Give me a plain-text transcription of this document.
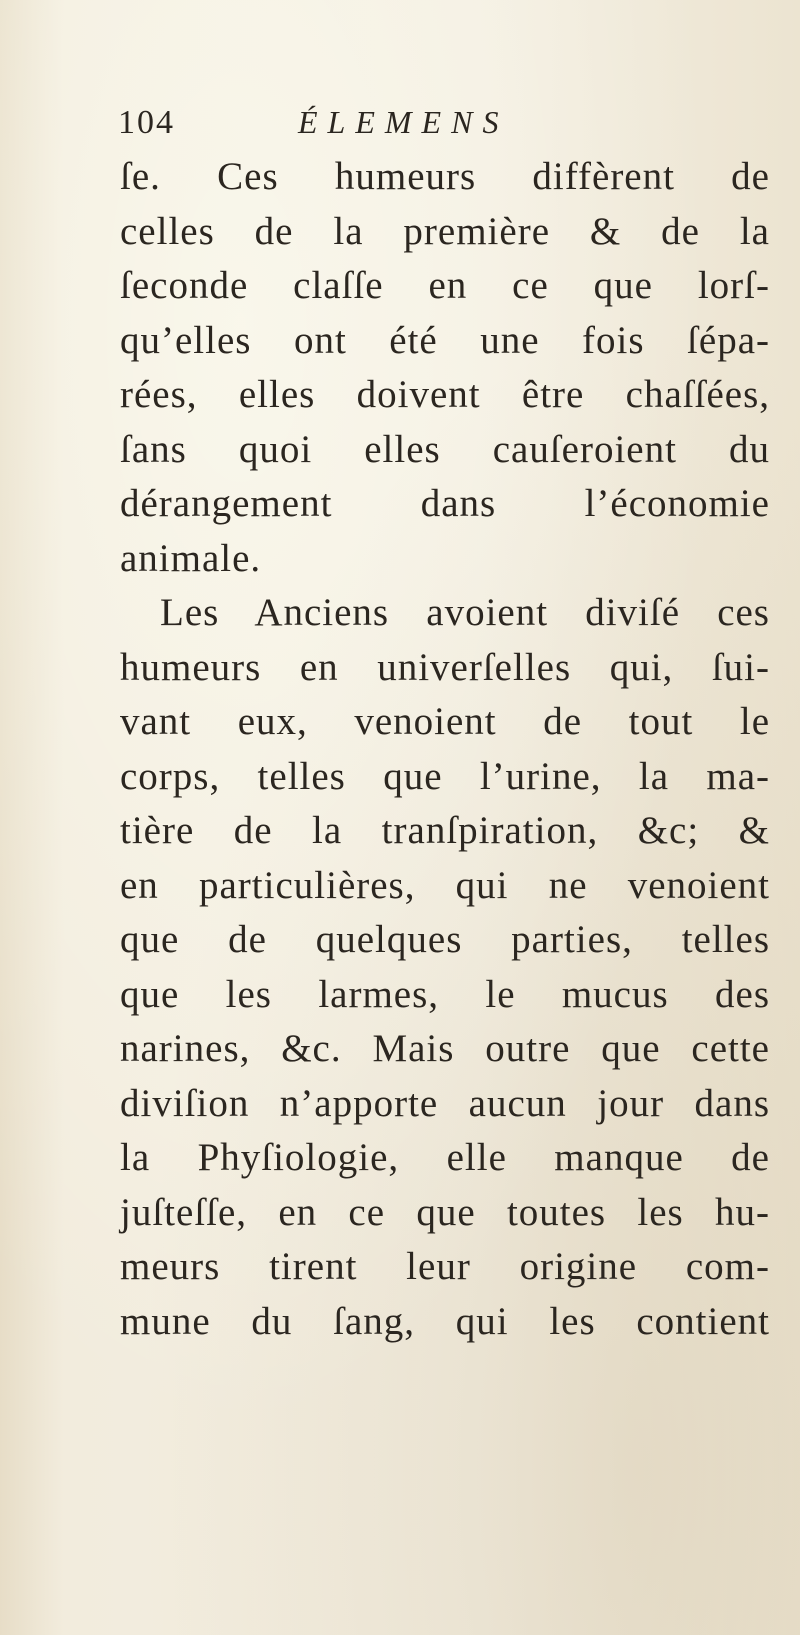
104	ÉLEMENS
ſe. Ces humeurs diffèrent de
celles de la première & de la
ſeconde claſſe en ce que lorſ-
qu’elles ont été une fois ſépa-
rées, elles doivent être chaſſées,
ſans quoi elles cauſeroient du
dérangement dans l’économie
animale.
Les Anciens avoient diviſé ces
humeurs en univerſelles qui, ſui-
vant eux, venoient de tout le
corps, telles que l’urine, la ma-
tière de la tranſpiration, &c; &
en particulières, qui ne venoient
que de quelques parties, telles
que les larmes, le mucus des
narines, &c. Mais outre que cette
diviſion n’apporte aucun jour dans
la Phyſiologie, elle manque de
juſteſſe, en ce que toutes les hu-
meurs tirent leur origine com-
mune du ſang, qui les contient
